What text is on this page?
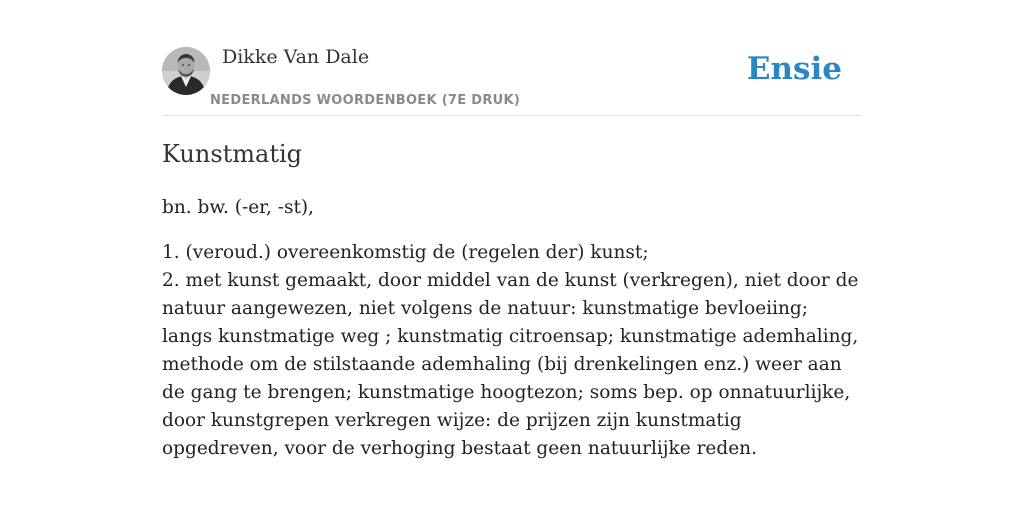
Dikke Van Dale
NEDERLANDS WOORDENBOEK (7E DRUK)
Ensie
Kunstmatig

bn. bw. (-er, -st),

1. (veroud.) overeenkomstig de (regelen der) kunst;
2. met kunst gemaakt, door middel van de kunst (verkregen), niet door de natuur aangewezen, niet volgens de natuur: kunstmatige bevloeiing; langs kunstmatige weg ; kunstmatig citroensap; kunstmatige ademhaling, methode om de stilstaande ademhaling (bij drenkelingen enz.) weer aan de gang te brengen; kunstmatige hoogtezon; soms bep. op onnatuurlijke, door kunstgrepen verkregen wijze: de prijzen zijn kunstmatig opgedreven, voor de verhoging bestaat geen natuurlijke reden.
